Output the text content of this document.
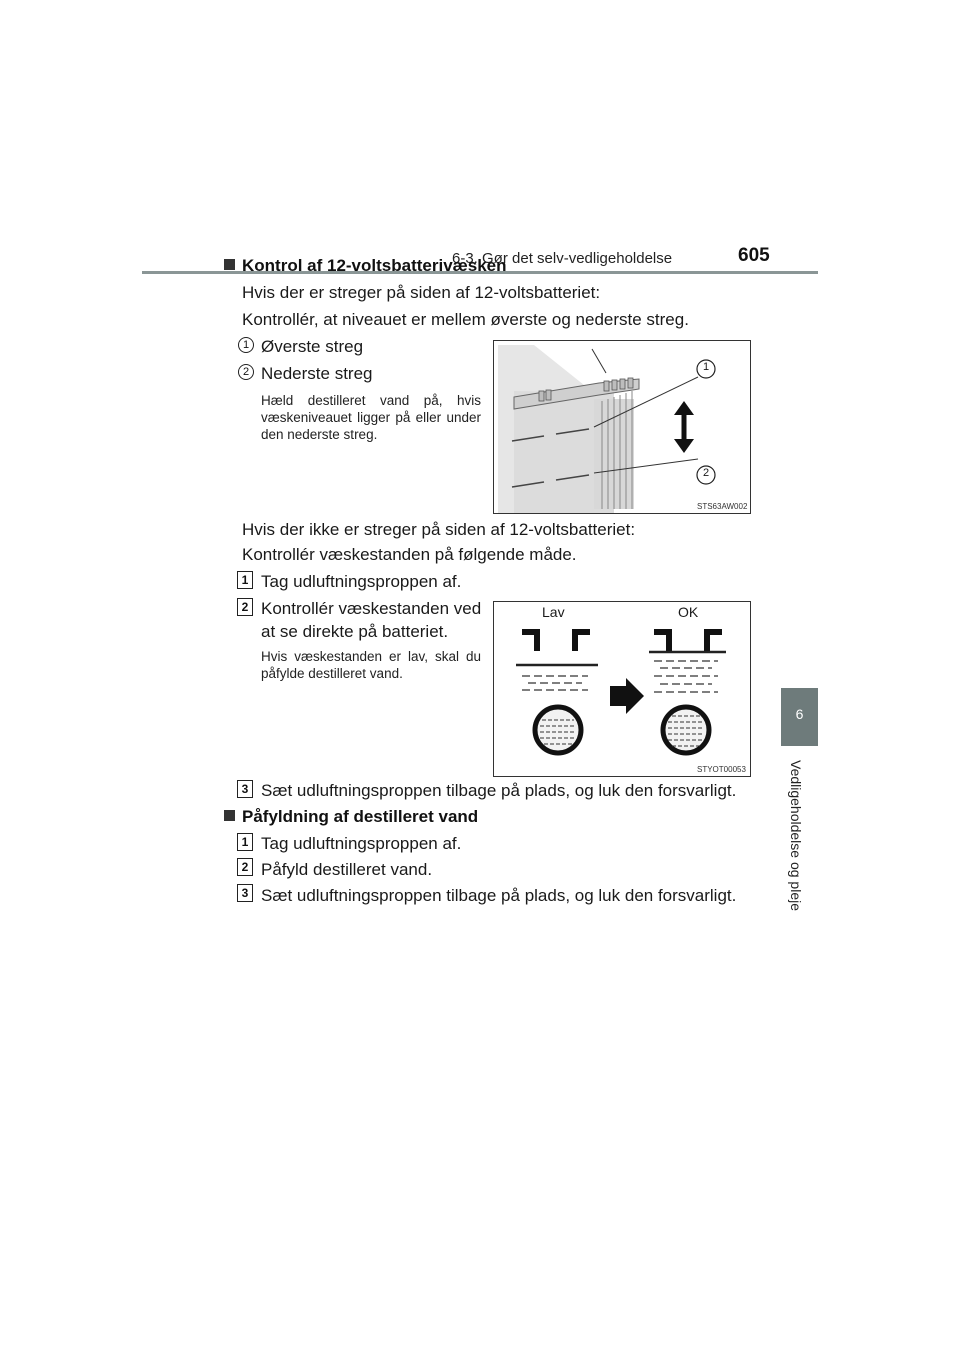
6-3. Gør det selv-vedligeholdelse	605
6
Vedligeholdelse og pleje
Kontrol af 12-voltsbatterivæsken
Hvis der er streger på siden af 12-voltsbatteriet:
Kontrollér, at niveauet er mellem øverste og nederste streg.
1 Øverste streg
2 Nederste streg
Hæld destilleret vand på, hvis væskeniveauet ligger på eller under den nederste streg.
1
2
STS63AW002
Hvis der ikke er streger på siden af 12-voltsbatteriet:
Kontrollér væskestanden på følgende måde.
1 Tag udluftningsproppen af.
2 Kontrollér væskestanden ved
at se direkte på batteriet.
Hvis væskestanden er lav, skal du påfylde destilleret vand.
Lav	OK
STYOT00053
3 Sæt udluftningsproppen tilbage på plads, og luk den forsvarligt.
Påfyldning af destilleret vand
1 Tag udluftningsproppen af.
2 Påfyld destilleret vand.
3 Sæt udluftningsproppen tilbage på plads, og luk den forsvarligt.
